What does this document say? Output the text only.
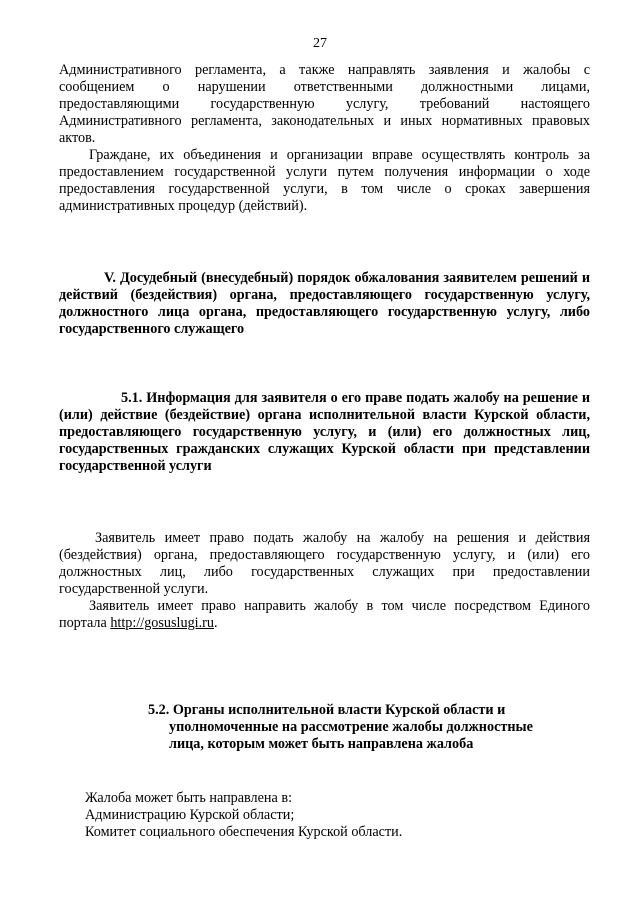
27

Административного регламента, а также направлять заявления и жалобы с сообщением о нарушении ответственными должностными лицами, предоставляющими государственную услугу, требований настоящего Административного регламента, законодательных и иных нормативных правовых актов.

Граждане, их объединения и организации вправе осуществлять контроль за предоставлением государственной услуги путем получения информации о ходе предоставления государственной услуги, в том числе о сроках завершения административных процедур (действий).

V. Досудебный (внесудебный) порядок обжалования заявителем решений и действий (бездействия) органа, предоставляющего государственную услугу, должностного лица органа, предоставляющего государственную услугу, либо государственного служащего

5.1. Информация для заявителя о его праве подать жалобу на решение и (или) действие (бездействие) органа исполнительной власти Курской области, предоставляющего государственную услугу, и (или) его должностных лиц, государственных гражданских служащих Курской области при представлении государственной услуги

Заявитель имеет право подать жалобу на жалобу на решения и действия (бездействия) органа, предоставляющего государственную услугу, и (или) его должностных лиц, либо государственных служащих при предоставлении государственной услуги.

Заявитель имеет право направить жалобу в том числе посредством Единого портала http://gosuslugi.ru.

5.2. Органы исполнительной власти Курской области и
уполномоченные на рассмотрение жалобы должностные
лица, которым может быть направлена жалоба
Жалоба может быть направлена в:
Администрацию Курской области;
Комитет социального обеспечения Курской области.
